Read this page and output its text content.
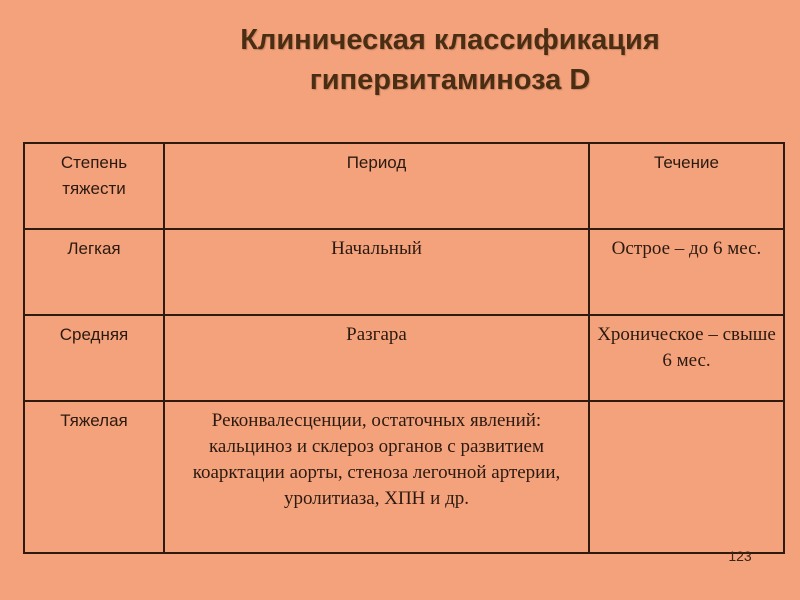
Клиническая классификация
гипервитаминоза D
Степень тяжести	Период	Течение
Легкая	Начальный	Острое – до 6 мес.
Средняя	Разгара	Хроническое – свыше 6 мес.
Тяжелая	Реконвалесценции, остаточных явлений: кальциноз и склероз органов с развитием коарктации аорты, стеноза легочной артерии, уролитиаза, ХПН и др.	
123
